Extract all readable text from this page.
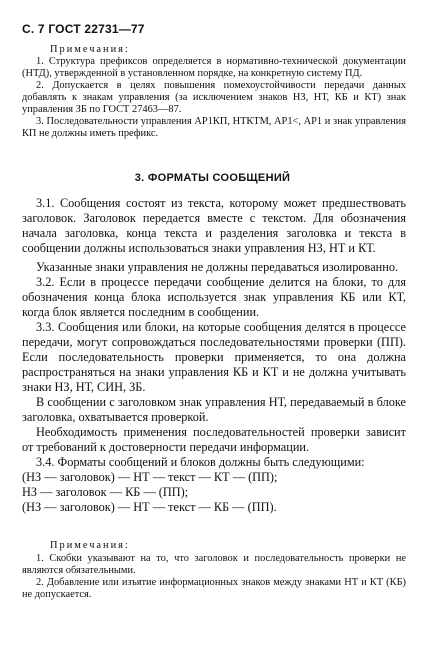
С. 7 ГОСТ 22731—77

Примечания:

1. Структура префиксов определяется в нормативно-технической документации (НТД), утвержденной в установленном порядке, на конкретную систему ПД.

2. Допускается в целях повышения помехоустойчивости передачи данных добавлять к знакам управления (за исключением знаков НЗ, НТ, КБ и КТ) знак управления ЗБ по ГОСТ 27463—87.

3. Последовательности управления АР1КП, НТКТМ, АР1<, АР1 и знак управления КП не должны иметь префикс.

3. ФОРМАТЫ СООБЩЕНИЙ

3.1. Сообщения состоят из текста, которому может предшествовать заголовок. Заголовок передается вместе с текстом. Для обозначения начала заголовка, конца текста и разделения заголовка и текста в сообщении должны использоваться знаки управления НЗ, НТ и КТ.

Указанные знаки управления не должны передаваться изолированно.

3.2. Если в процессе передачи сообщение делится на блоки, то для обозначения конца блока используется знак управления КБ или КТ, когда блок является последним в сообщении.

3.3. Сообщения или блоки, на которые сообщения делятся в процессе передачи, могут сопровождаться последовательностями проверки (ПП). Если последовательность проверки применяется, то она должна распространяться на знаки управления КБ и КТ и не должна учитывать знаки НЗ, НТ, СИН, ЗБ.

В сообщении с заголовком знак управления НТ, передаваемый в блоке заголовка, охватывается проверкой.

Необходимость применения последовательностей проверки зависит от требований к достоверности передачи информации.

3.4. Форматы сообщений и блоков должны быть следующими:

(НЗ — заголовок) — НТ — текст — КТ — (ПП);
НЗ — заголовок — КБ — (ПП);
(НЗ — заголовок) — НТ — текст — КБ — (ПП).

Примечания:

1. Скобки указывают на то, что заголовок и последовательность проверки не являются обязательными.

2. Добавление или изъятие информационных знаков между знаками НТ и КТ (КБ) не допускается.
